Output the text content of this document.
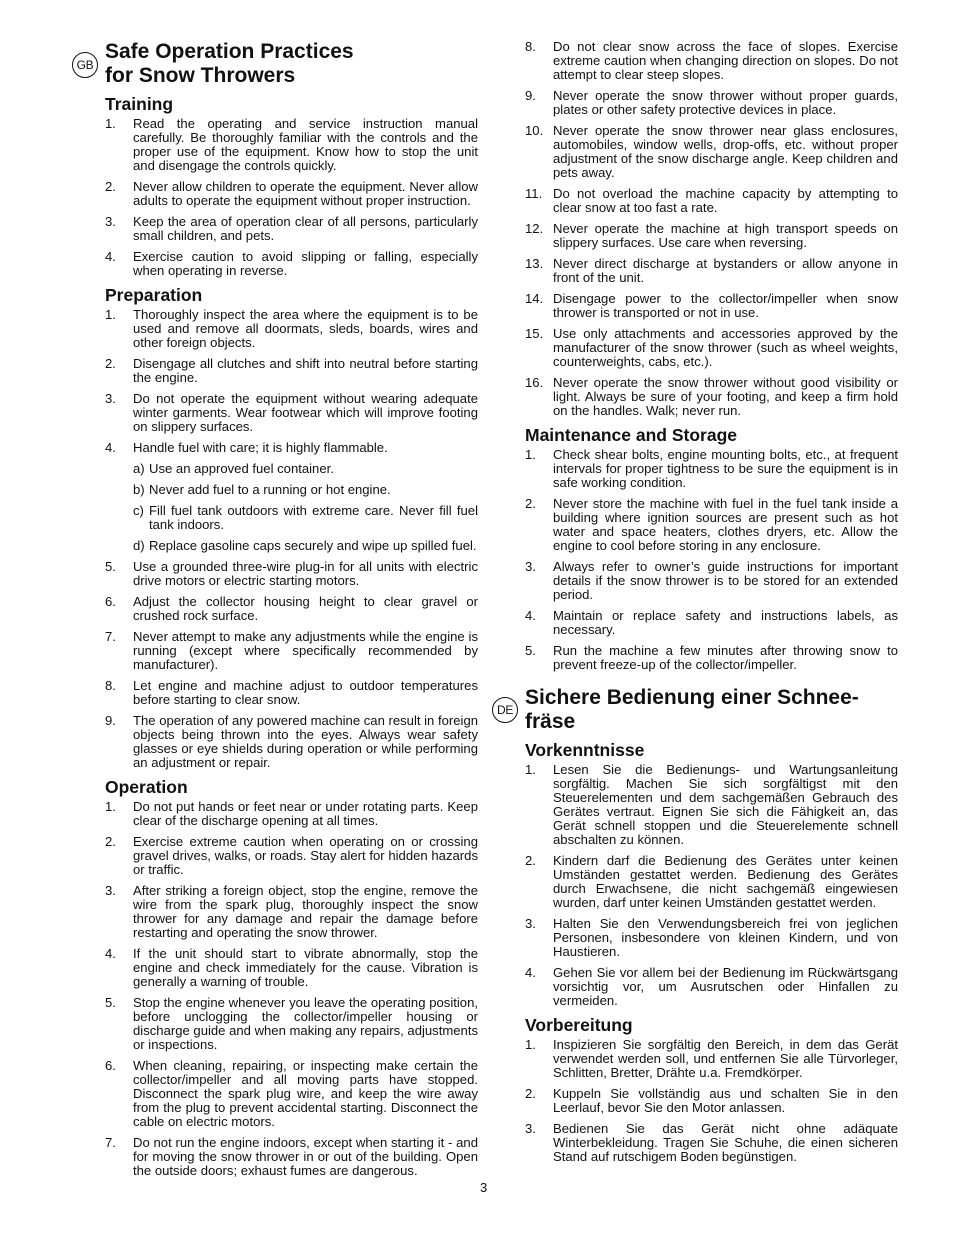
GB
Safe Operation Practices
for Snow Throwers
Training
1. Read the operating and service instruction manual carefully. Be thoroughly familiar with the controls and the proper use of the equipment. Know how to stop the unit and disengage the controls quickly.
2. Never allow children to operate the equipment. Never allow adults to operate the equipment without proper instruction.
3. Keep the area of operation clear of all persons, particularly small children, and pets.
4. Exercise caution to avoid slipping or falling, especially when operating in reverse.
Preparation
1. Thoroughly inspect the area where the equipment is to be used and remove all doormats, sleds, boards, wires and other foreign objects.
2. Disengage all clutches and shift into neutral before starting the engine.
3. Do not operate the equipment without wearing adequate winter garments. Wear footwear which will improve footing on slippery surfaces.
4. Handle fuel with care; it is highly flammable.
a) Use an approved fuel container.
b) Never add fuel to a running or hot engine.
c) Fill fuel tank outdoors with extreme care. Never fill fuel tank indoors.
d) Replace gasoline caps securely and wipe up spilled fuel.
5. Use a grounded three-wire plug-in for all units with electric drive motors or electric starting motors.
6. Adjust the collector housing height to clear gravel or crushed rock surface.
7. Never attempt to make any adjustments while the engine is running (except where specifically recommended by manufacturer).
8. Let engine and machine adjust to outdoor temperatures before starting to clear snow.
9. The operation of any powered machine can result in foreign objects being thrown into the eyes. Always wear safety glasses or eye shields during operation or while performing an adjustment or repair.
Operation
1. Do not put hands or feet near or under rotating parts. Keep clear of the discharge opening at all times.
2. Exercise extreme caution when operating on or crossing gravel drives, walks, or roads. Stay alert for hidden hazards or traffic.
3. After striking a foreign object, stop the engine, remove the wire from the spark plug, thoroughly inspect the snow thrower for any damage and repair the damage before restarting and operating the snow thrower.
4. If the unit should start to vibrate abnormally, stop the engine and check immediately for the cause. Vibration is generally a warning of trouble.
5. Stop the engine whenever you leave the operating position, before unclogging the collector/impeller housing or discharge guide and when making any repairs, adjustments or inspections.
6. When cleaning, repairing, or inspecting make certain the collector/impeller and all moving parts have stopped. Disconnect the spark plug wire, and keep the wire away from the plug to prevent accidental starting. Disconnect the cable on electric motors.
7. Do not run the engine indoors, except when starting it - and for moving the snow thrower in or out of the building. Open the outside doors; exhaust fumes are dangerous.
8. Do not clear snow across the face of slopes. Exercise extreme caution when changing direction on slopes. Do not attempt to clear steep slopes.
9. Never operate the snow thrower without proper guards, plates or other safety protective devices in place.
10. Never operate the snow thrower near glass enclosures, automobiles, window wells, drop-offs, etc. without proper adjustment of the snow discharge angle. Keep children and pets away.
11. Do not overload the machine capacity by attempting to clear snow at too fast a rate.
12. Never operate the machine at high transport speeds on slippery surfaces. Use care when reversing.
13. Never direct discharge at bystanders or allow anyone in front of the unit.
14. Disengage power to the collector/impeller when snow thrower is transported or not in use.
15. Use only attachments and accessories approved by the manufacturer of the snow thrower (such as wheel weights, counterweights, cabs, etc.).
16. Never operate the snow thrower without good visibility or light. Always be sure of your footing, and keep a firm hold on the handles. Walk; never run.
Maintenance and Storage
1. Check shear bolts, engine mounting bolts, etc., at frequent intervals for proper tightness to be sure the equipment is in safe working condition.
2. Never store the machine with fuel in the fuel tank inside a building where ignition sources are present such as hot water and space heaters, clothes dryers, etc. Allow the engine to cool before storing in any enclosure.
3. Always refer to owner’s guide instructions for important details if the snow thrower is to be stored for an extended period.
4. Maintain or replace safety and instructions labels, as necessary.
5. Run the machine a few minutes after throwing snow to prevent freeze-up of the collector/impeller.
DE
Sichere Bedienung einer Schnee-
fräse
Vorkenntnisse
1. Lesen Sie die Bedienungs- und Wartungsanleitung sorgfältig. Machen Sie sich sorgfältigst mit den Steuerelementen und dem sachgemäßen Gebrauch des Gerätes vertraut. Eignen Sie sich die Fähigkeit an, das Gerät schnell stoppen und die Steuerelemente schnell abschalten zu können.
2. Kindern darf die Bedienung des Gerätes unter keinen Umständen gestattet werden. Bedienung des Gerätes durch Erwachsene, die nicht sachgemäß eingewiesen wurden, darf unter keinen Umständen gestattet werden.
3. Halten Sie den Verwendungsbereich frei von jeglichen Personen, insbesondere von kleinen Kindern, und von Haustieren.
4. Gehen Sie vor allem bei der Bedienung im Rückwärtsgang vorsichtig vor, um Ausrutschen oder Hinfallen zu vermeiden.
Vorbereitung
1. Inspizieren Sie sorgfältig den Bereich, in dem das Gerät verwendet werden soll, und entfernen Sie alle Türvorleger, Schlitten, Bretter, Drähte u.a. Fremdkörper.
2. Kuppeln Sie vollständig aus und schalten Sie in den Leerlauf, bevor Sie den Motor anlassen.
3. Bedienen Sie das Gerät nicht ohne adäquate Winterbekleidung. Tragen Sie Schuhe, die einen sicheren Stand auf rutschigem Boden begünstigen.
3
